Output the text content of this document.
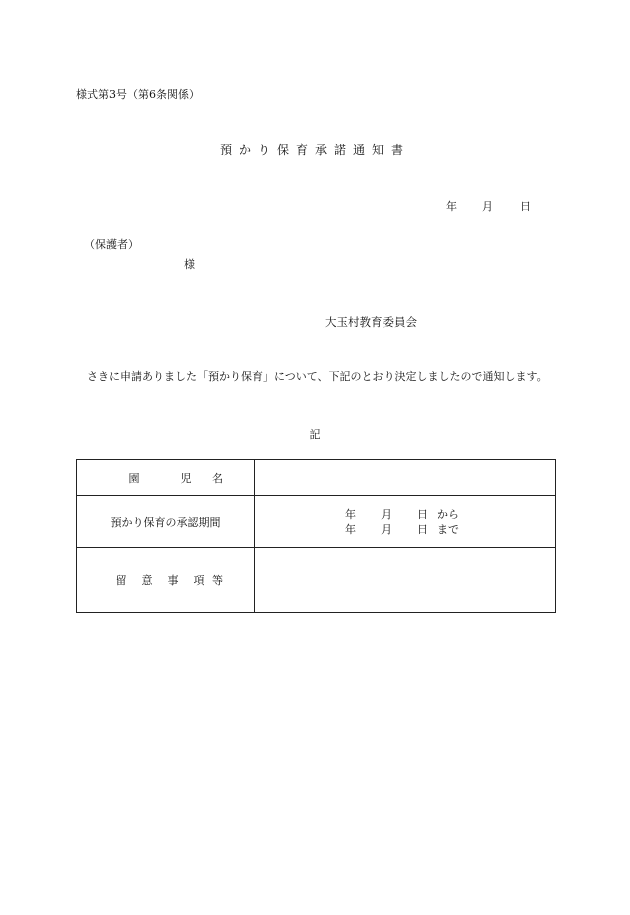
様式第3号（第6条関係）
預かり保育承諾通知書
年 月 日
（保護者）
様
大玉村教育委員会
さきに申請ありました「預かり保育」について、下記のとおり決定しましたので通知します。
記
園 児 名	
預かり保育の承認期間	年 月 日 から
年 月 日 まで

留 意 事 項 等	
